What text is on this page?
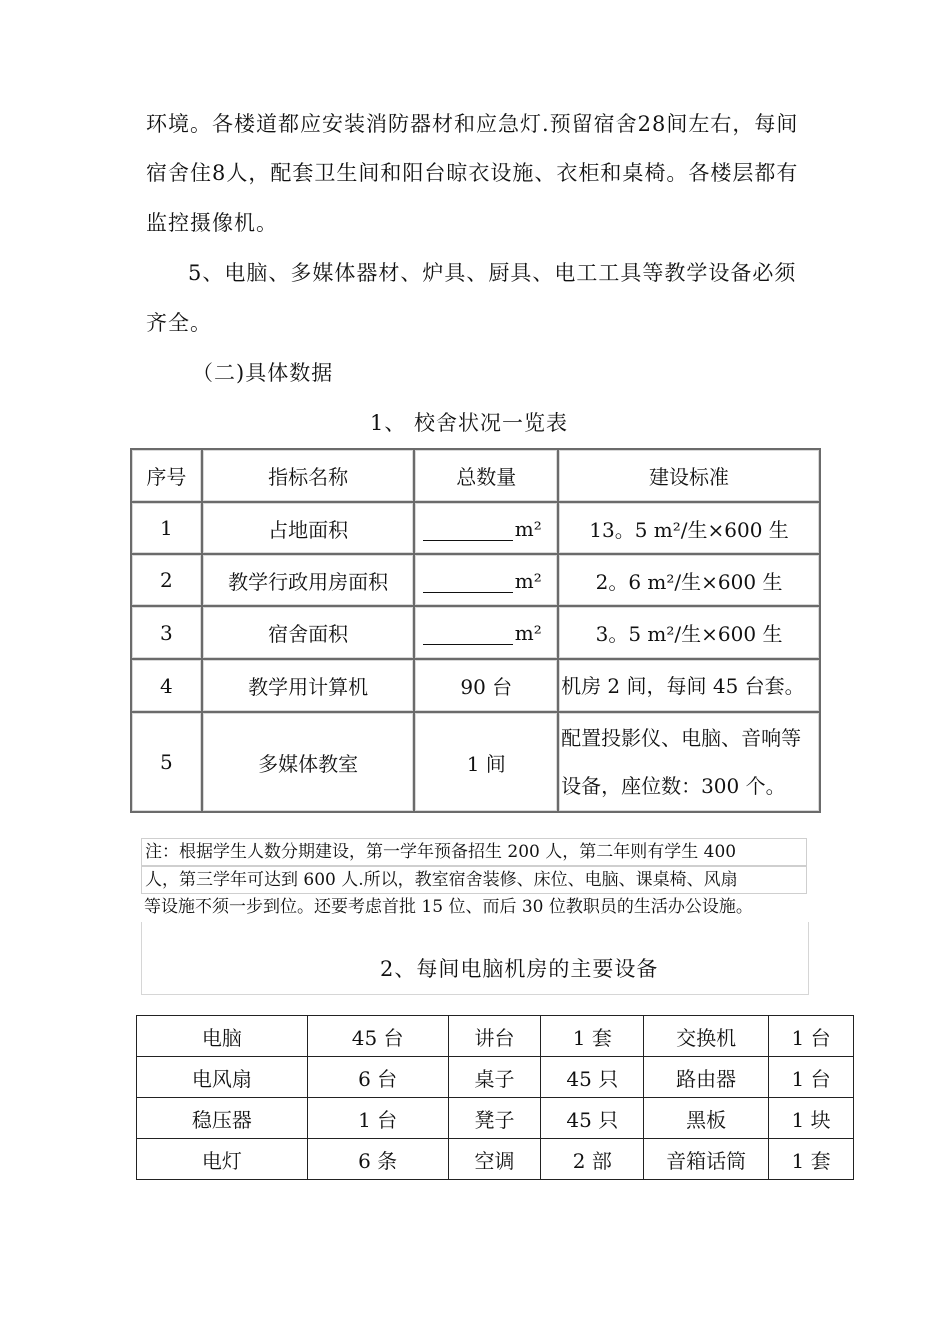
环境。各楼道都应安装消防器材和应急灯.预留宿舍28间左右，每间
宿舍住8人，配套卫生间和阳台晾衣设施、衣柜和桌椅。各楼层都有
监控摄像机。
5、电脑、多媒体器材、炉具、厨具、电工工具等教学设备必须
齐全。
（二)具体数据
1、 校舍状况一览表
序号	指标名称	总数量	建设标准
1	占地面积	m²	13。5 m²/生×600 生
2	教学行政用房面积	m²	2。6 m²/生×600 生
3	宿舍面积	m²	3。5 m²/生×600 生
4	教学用计算机	90 台	机房 2 间，每间 45 台套。
5	多媒体教室	1 间	配置投影仪、电脑、音响等
设备，座位数：300 个。
注：根据学生人数分期建设，第一学年预备招生 200 人，第二年则有学生 400
人，第三学年可达到 600 人.所以，教室宿舍装修、床位、电脑、课桌椅、风扇
等设施不须一步到位。还要考虑首批 15 位、而后 30 位教职员的生活办公设施。
2、每间电脑机房的主要设备
电脑	45 台	讲台	1 套	交换机	1 台
电风扇	6 台	桌子	45 只	路由器	1 台
稳压器	1 台	凳子	45 只	黑板	1 块
电灯	6 条	空调	2 部	音箱话筒	1 套
